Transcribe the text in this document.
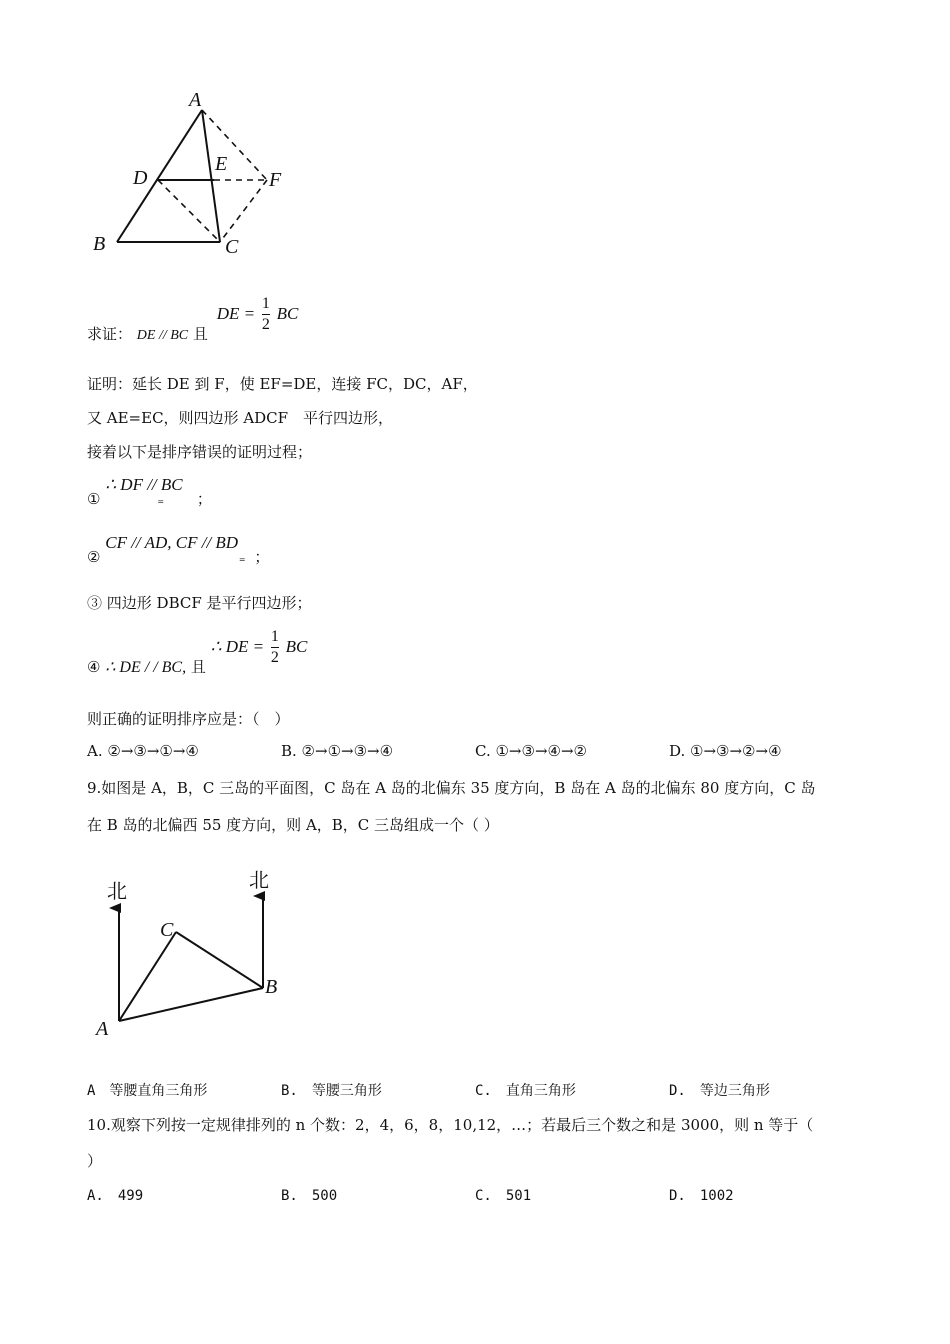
A
D
E
F
B	C
求证： DE // BC 且 DE = $\frac{1}{2}$ BC
证明：延长 DE 到 F，使 EF=DE，连接 FC，DC，AF，
又 AE=EC，则四边形 ADCF　平行四边形，
接着以下是排序错误的证明过程；
① ∴ DF // BC $_=$ ；
② CF // AD, CF // BD $_=$ ；
③ 四边形 DBCF 是平行四边形；
④ ∴ DE / / BC, 且 ∴ DE = $\frac{1}{2}$ BC
则正确的证明排序应是：（　）
A. ②→③→①→④	B. ②→①→③→④	C. ①→③→④→②	D. ①→③→②→④
9.如图是 A，B，C 三岛的平面图，C 岛在 A 岛的北偏东 35 度方向，B 岛在 A 岛的北偏东 80 度方向，C 岛
在 B 岛的北偏西 55 度方向，则 A，B，C 三岛组成一个（ ）
北	北
C
B
A
A　等腰直角三角形	B.　等腰三角形	C.　直角三角形	D.　等边三角形
10.观察下列按一定规律排列的 n 个数：2，4，6，8，10,12，…；若最后三个数之和是 3000，则 n 等于（
）
A.　499	B.　500	C.　501	D.　1002
